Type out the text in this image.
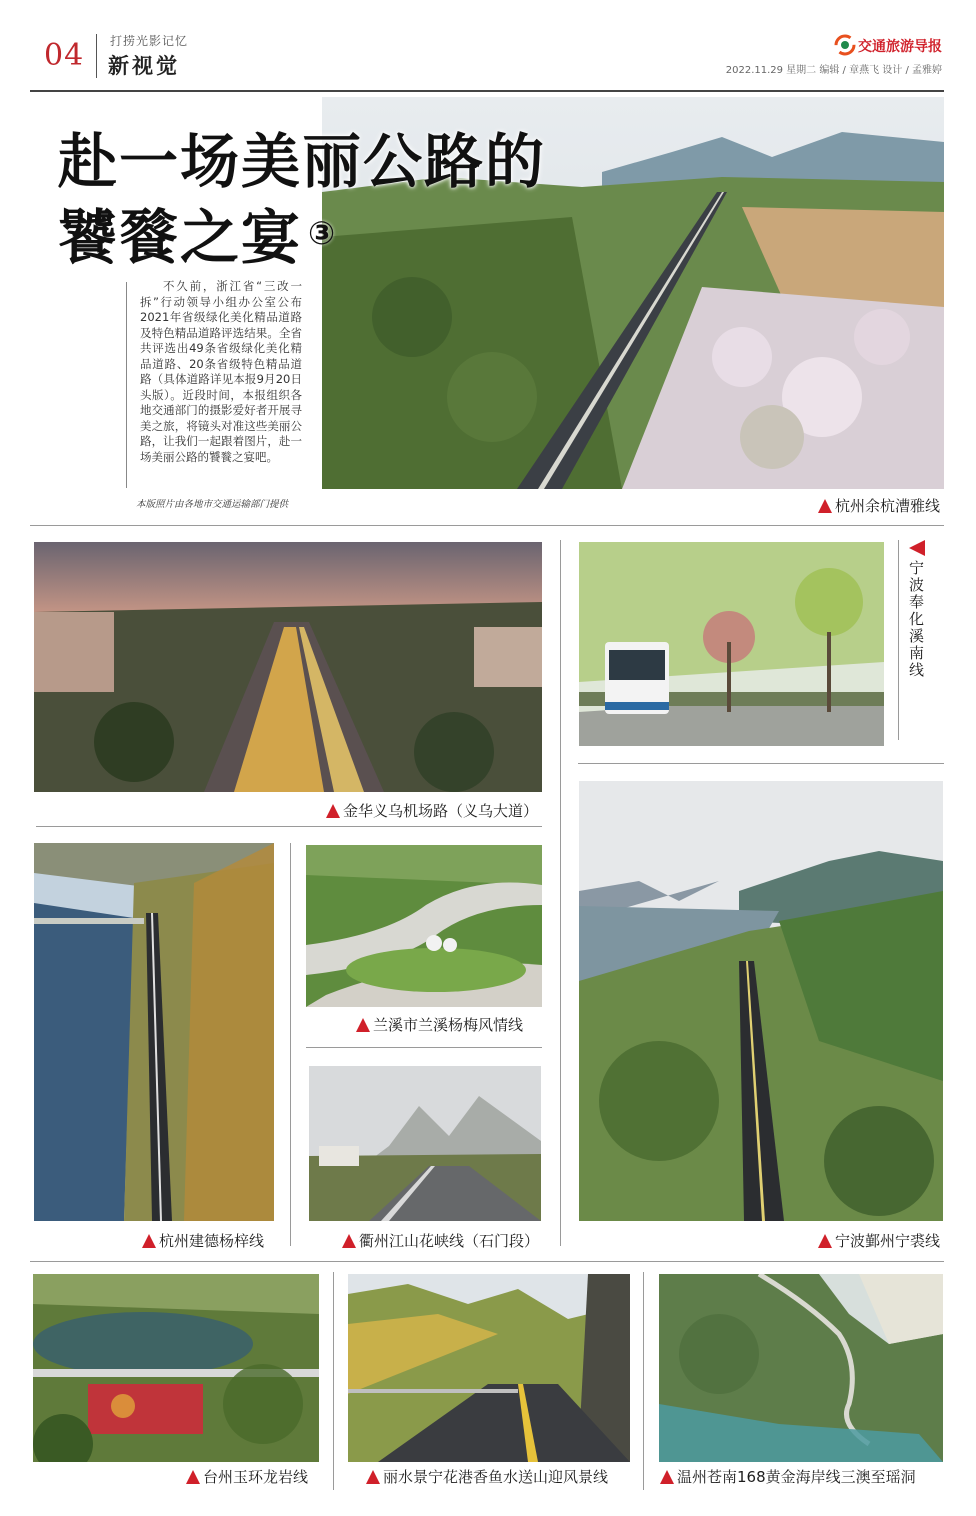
04 打捞光影记忆
新视觉
交通旅游导报
2022.11.29 星期二 编辑 / 章燕飞 设计 / 孟雅婷
赴一场美丽公路的
饕餮之宴 ③
不久前，浙江省“三改一拆”行动领导小组办公室公布2021年省级绿化美化精品道路及特色精品道路评选结果。全省共评选出49条省级绿化美化精品道路、20条省级特色精品道路（具体道路详见本报9月20日头版）。近段时间，本报组织各地交通部门的摄影爱好者开展寻美之旅，将镜头对准这些美丽公路，让我们一起跟着图片，赴一场美丽公路的饕餮之宴吧。
本版照片由各地市交通运输部门提供	杭州余杭漕雅线
金华义乌机场路（义乌大道）
宁波奉化溪南线
杭州建德杨梓线
兰溪市兰溪杨梅风情线
衢州江山花峡线（石门段）	宁波鄞州宁裘线
台州玉环龙岩线	丽水景宁花港香鱼水送山迎风景线	温州苍南168黄金海岸线三澳至瑶洞
